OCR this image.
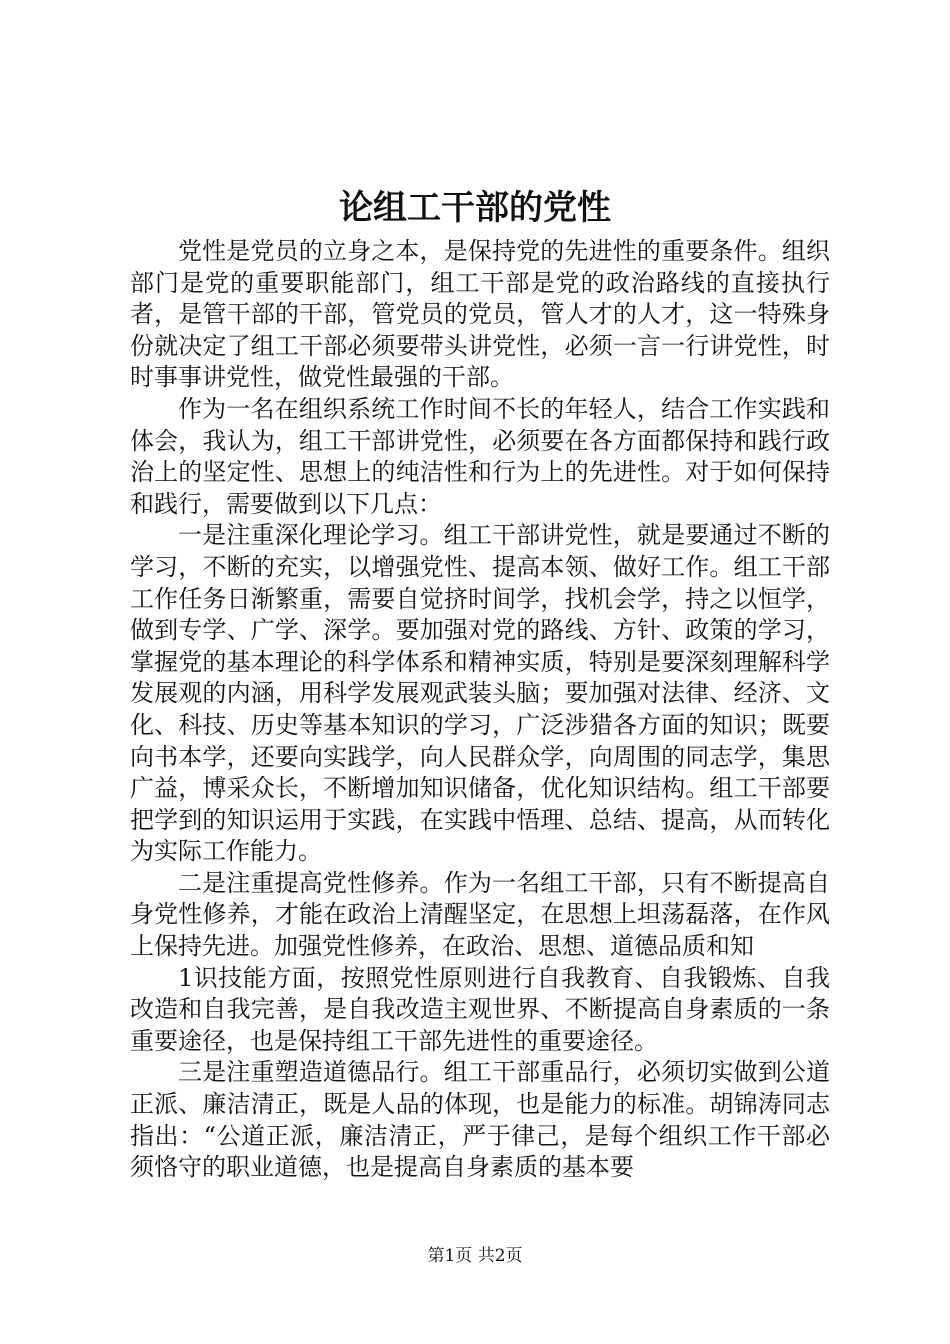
论组工干部的党性

党性是党员的立身之本，是保持党的先进性的重要条件。组织部门是党的重要职能部门，组工干部是党的政治路线的直接执行者，是管干部的干部，管党员的党员，管人才的人才，这一特殊身份就决定了组工干部必须要带头讲党性，必须一言一行讲党性，时时事事讲党性，做党性最强的干部。

作为一名在组织系统工作时间不长的年轻人，结合工作实践和体会，我认为，组工干部讲党性，必须要在各方面都保持和践行政治上的坚定性、思想上的纯洁性和行为上的先进性。对于如何保持和践行，需要做到以下几点：

一是注重深化理论学习。组工干部讲党性，就是要通过不断的学习，不断的充实，以增强党性、提高本领、做好工作。组工干部工作任务日渐繁重，需要自觉挤时间学，找机会学，持之以恒学，做到专学、广学、深学。要加强对党的路线、方针、政策的学习，掌握党的基本理论的科学体系和精神实质，特别是要深刻理解科学发展观的内涵，用科学发展观武装头脑；要加强对法律、经济、文化、科技、历史等基本知识的学习，广泛涉猎各方面的知识；既要向书本学，还要向实践学，向人民群众学，向周围的同志学，集思广益，博采众长，不断增加知识储备，优化知识结构。组工干部要把学到的知识运用于实践，在实践中悟理、总结、提高，从而转化为实际工作能力。

二是注重提高党性修养。作为一名组工干部，只有不断提高自身党性修养，才能在政治上清醒坚定，在思想上坦荡磊落，在作风上保持先进。加强党性修养，在政治、思想、道德品质和知

1识技能方面，按照党性原则进行自我教育、自我锻炼、自我改造和自我完善，是自我改造主观世界、不断提高自身素质的一条重要途径，也是保持组工干部先进性的重要途径。

三是注重塑造道德品行。组工干部重品行，必须切实做到公道正派、廉洁清正，既是人品的体现，也是能力的标准。胡锦涛同志指出：“公道正派，廉洁清正，严于律己，是每个组织工作干部必须恪守的职业道德，也是提高自身素质的基本要

第1页 共2页
